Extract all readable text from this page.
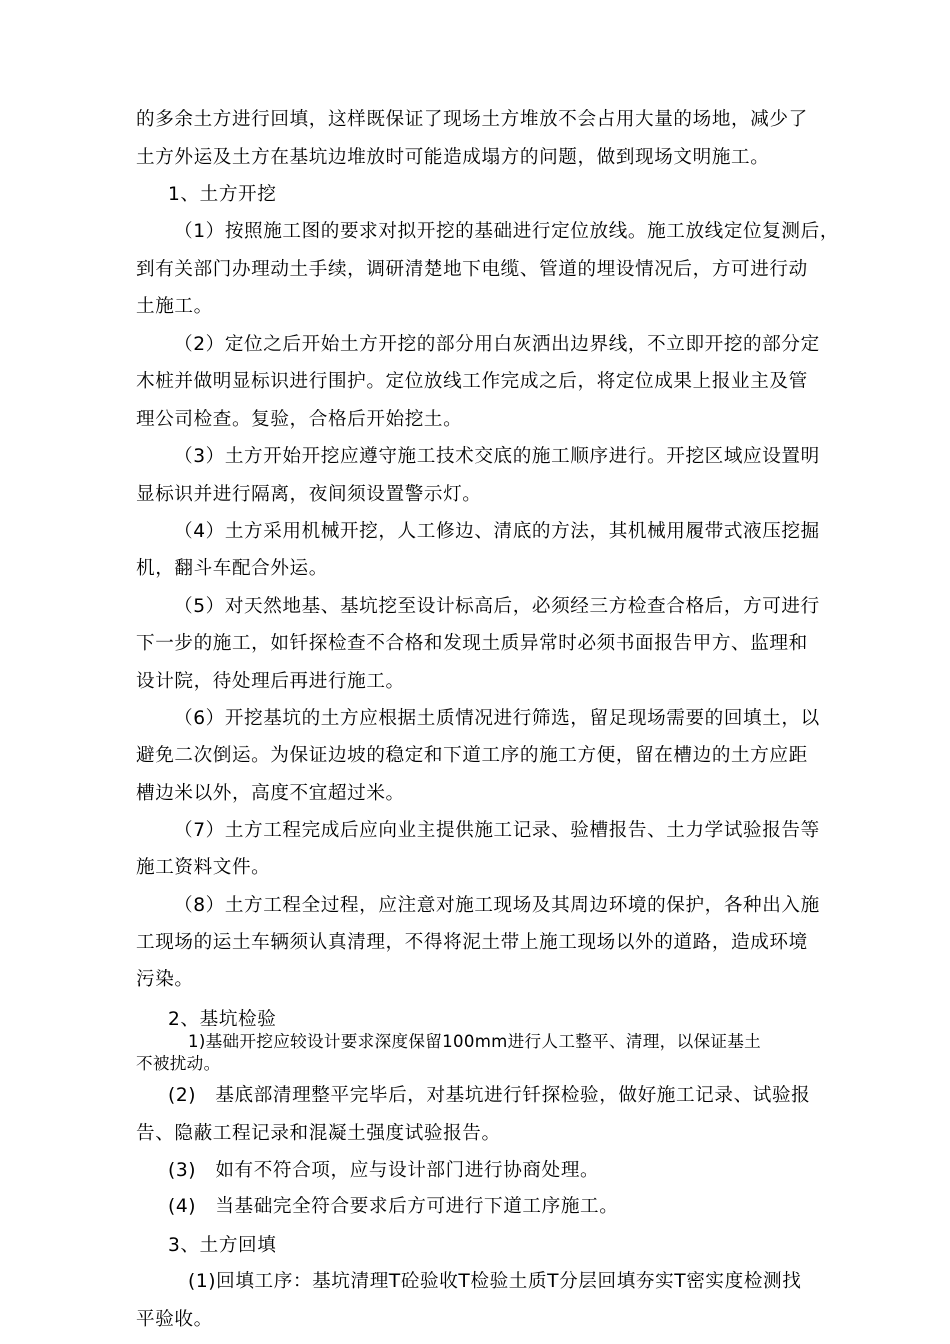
的多余土方进行回填，这样既保证了现场土方堆放不会占用大量的场地，减少了
土方外运及土方在基坑边堆放时可能造成塌方的问题，做到现场文明施工。
1、土方开挖
（1）按照施工图的要求对拟开挖的基础进行定位放线。施工放线定位复测后，
到有关部门办理动土手续，调研清楚地下电缆、管道的埋设情况后，方可进行动
土施工。
（2）定位之后开始土方开挖的部分用白灰洒出边界线，不立即开挖的部分定
木桩并做明显标识进行围护。定位放线工作完成之后，将定位成果上报业主及管
理公司检查。复验，合格后开始挖土。
（3）土方开始开挖应遵守施工技术交底的施工顺序进行。开挖区域应设置明
显标识并进行隔离，夜间须设置警示灯。
（4）土方采用机械开挖，人工修边、清底的方法，其机械用履带式液压挖掘
机，翻斗车配合外运。
（5）对天然地基、基坑挖至设计标高后，必须经三方检查合格后，方可进行
下一步的施工，如钎探检查不合格和发现土质异常时必须书面报告甲方、监理和
设计院，待处理后再进行施工。
（6）开挖基坑的土方应根据土质情况进行筛选，留足现场需要的回填土，以
避免二次倒运。为保证边坡的稳定和下道工序的施工方便，留在槽边的土方应距
槽边米以外，高度不宜超过米。
（7）土方工程完成后应向业主提供施工记录、验槽报告、土力学试验报告等
施工资料文件。
（8）土方工程全过程，应注意对施工现场及其周边环境的保护，各种出入施
工现场的运土车辆须认真清理，不得将泥土带上施工现场以外的道路，造成环境
污染。
2、基坑检验
1)基础开挖应较设计要求深度保留100mm进行人工整平、清理，以保证基土
不被扰动。
(2)　基底部清理整平完毕后，对基坑进行钎探检验，做好施工记录、试验报
告、隐蔽工程记录和混凝土强度试验报告。
(3)　如有不符合项，应与设计部门进行协商处理。
(4)　当基础完全符合要求后方可进行下道工序施工。
3、土方回填
(1)回填工序：基坑清理T砼验收T检验土质T分层回填夯实T密实度检测找
平验收。
